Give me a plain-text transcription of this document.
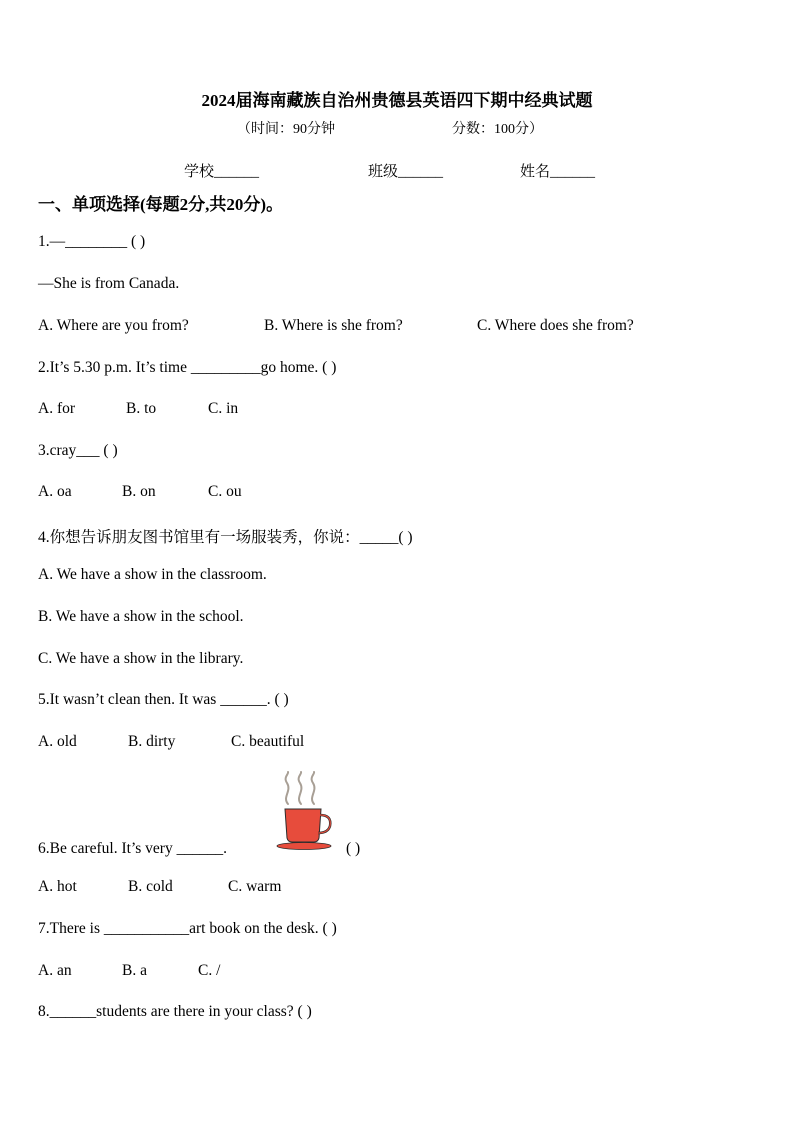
2024届海南藏族自治州贵德县英语四下期中经典试题
（时间：90分钟	分数：100分）
学校______	班级______	姓名______
一、单项选择(每题2分,共20分)。
1.—________ ( )
—She is from Canada.
A. Where are you from?	B. Where is she from?	C. Where does she from?
2.It’s 5.30 p.m. It’s time _________go home. ( )
A. for	B. to	C. in
3.cray___ ( )
A. oa	B. on	C. ou
4.你想告诉朋友图书馆里有一场服装秀，你说：_____( )
A. We have a show in the classroom.
B. We have a show in the school.
C. We have a show in the library.
5.It wasn’t clean then. It was ______. ( )
A. old	B. dirty	C. beautiful
6.Be careful. It’s very ______.	( )
A. hot	B. cold	C. warm
7.There is ___________art book on the desk. ( )
A. an	B. a	C. /
8.______students are there in your class? ( )
